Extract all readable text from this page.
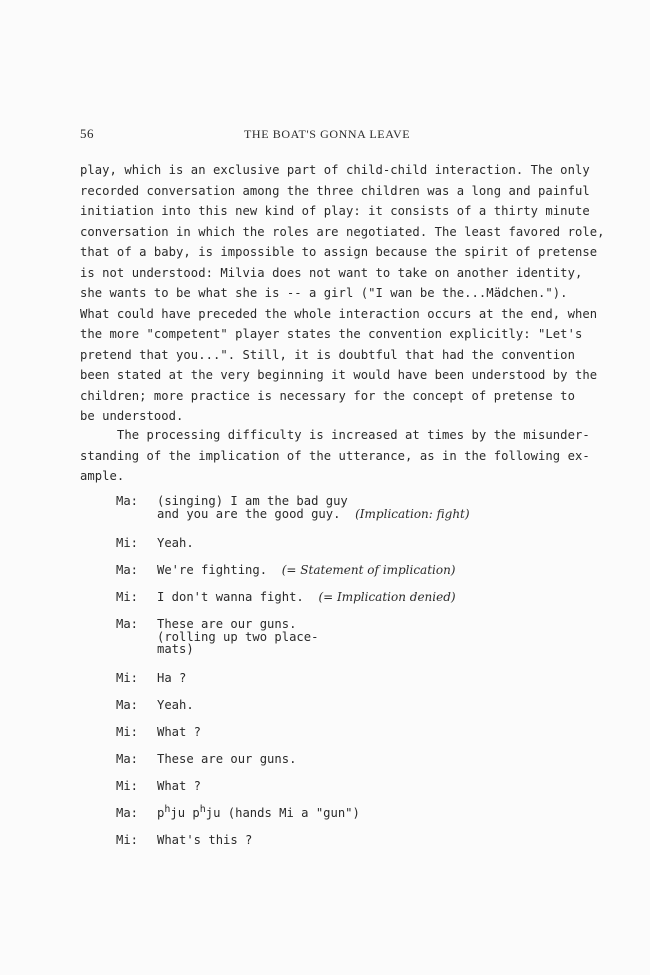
56	THE BOAT'S GONNA LEAVE
play, which is an exclusive part of child-child interaction. The only
recorded conversation among the three children was a long and painful
initiation into this new kind of play: it consists of a thirty minute
conversation in which the roles are negotiated. The least favored role,
that of a baby, is impossible to assign because the spirit of pretense
is not understood: Milvia does not want to take on another identity,
she wants to be what she is -- a girl ("I wan be the...Mädchen.").
What could have preceded the whole interaction occurs at the end, when
the more "competent" player states the convention explicitly: "Let's
pretend that you...". Still, it is doubtful that had the convention
been stated at the very beginning it would have been understood by the
children; more practice is necessary for the concept of pretense to
be understood.
The processing difficulty is increased at times by the misunder-
standing of the implication of the utterance, as in the following ex-
ample.
Ma: (singing) I am the bad guy
and you are the good guy. (Implication: fight)
Mi: Yeah.
Ma: We're fighting. (= Statement of implication)
Mi: I don't wanna fight. (= Implication denied)
Ma: These are our guns.
(rolling up two place-
mats)
Mi: Ha ?
Ma: Yeah.
Mi: What ?
Ma: These are our guns.
Mi: What ?
Ma: $p^hju$ $p^hju$ (hands Mi a "gun")
Mi: What's this ?
